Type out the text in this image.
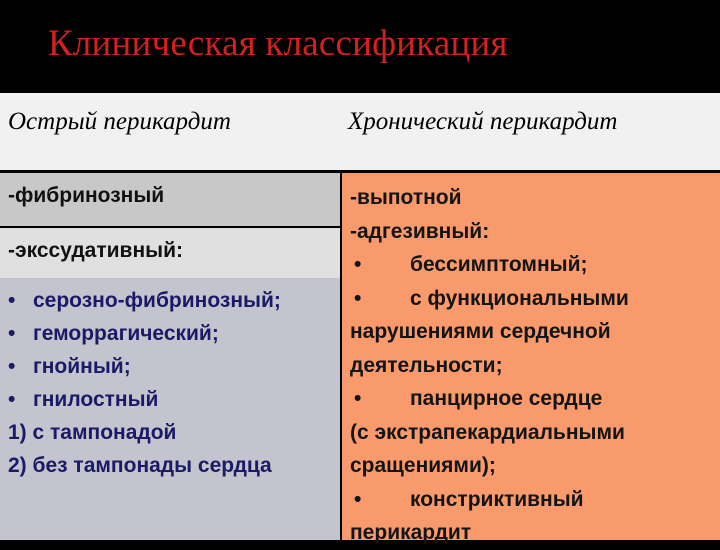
Клиническая классификация
Острый перикардит	Хронический перикардит
-фибринозный
-экссудативный:
• серозно-фибринозный;
• геморрагический;
• гнойный;
• гнилостный
1) с тампонадой
2) без тампонады сердца
-выпотной
-адгезивный:
• бессимптомный;
• с функциональными
нарушениями сердечной
деятельности;
• панцирное сердце
(с экстрапекардиальными
сращениями);
• констриктивный
перикардит
